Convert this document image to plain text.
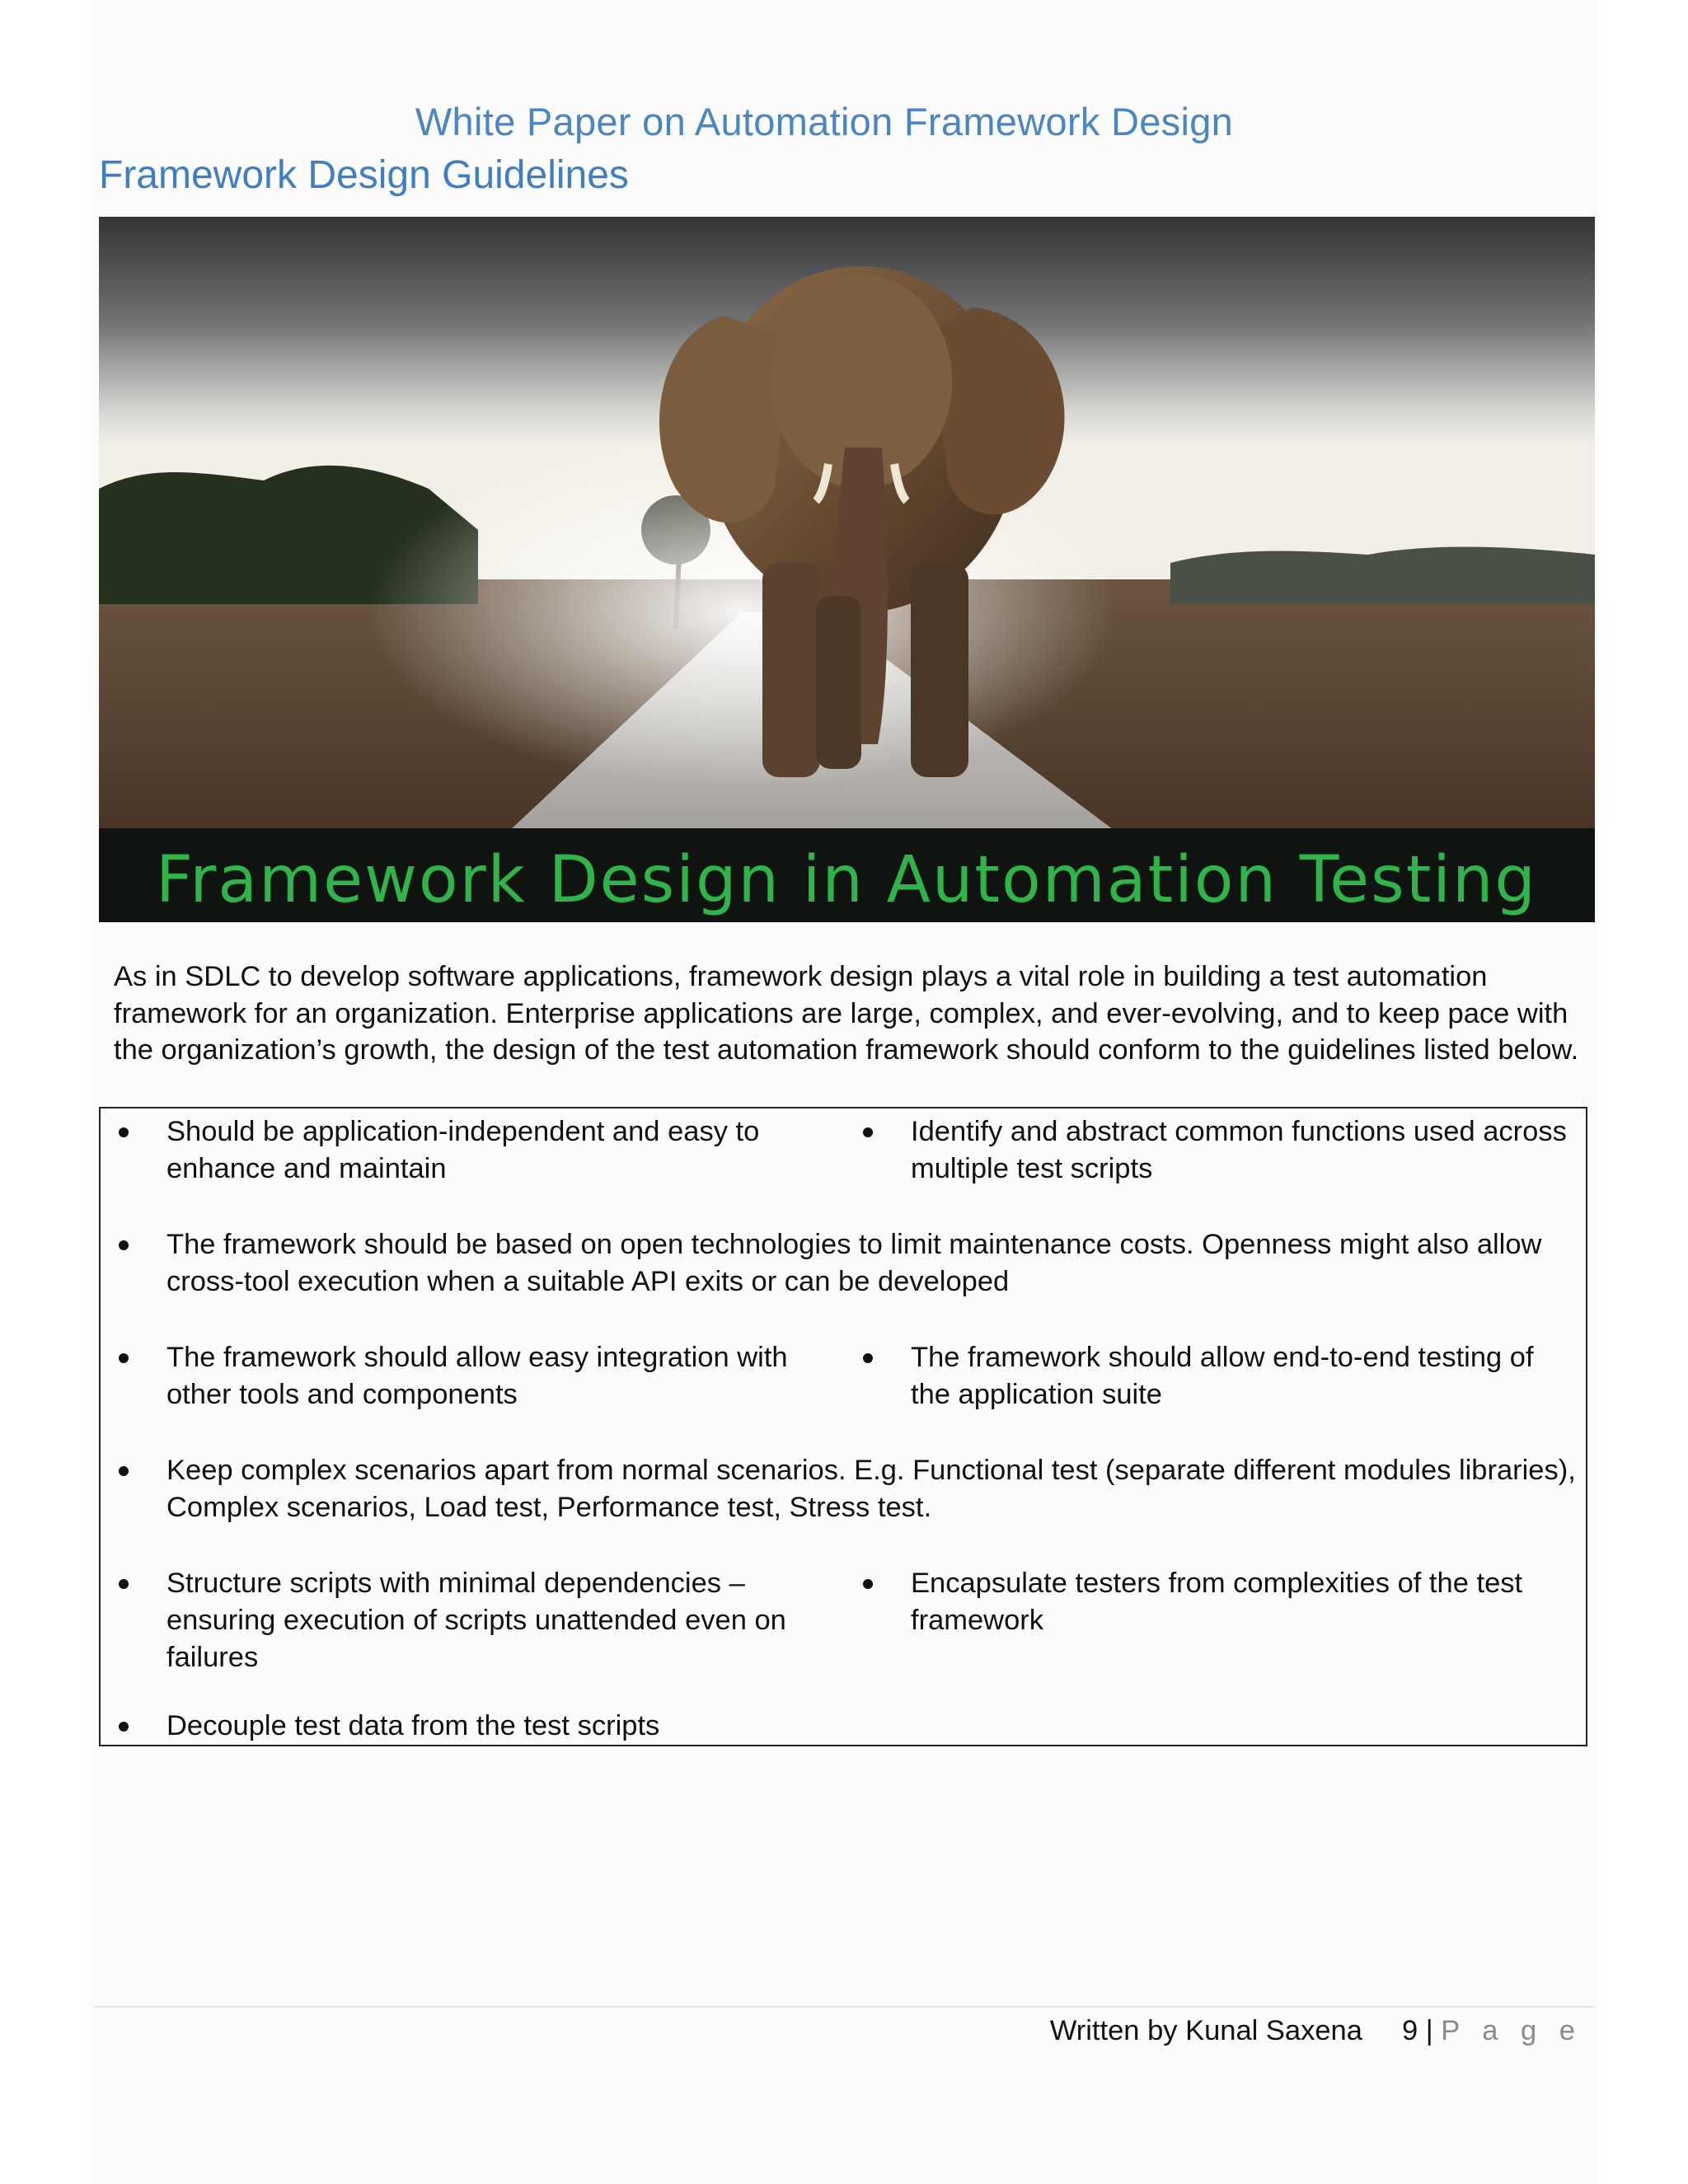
White Paper on Automation Framework Design
Framework Design Guidelines
Framework Design in Automation Testing
As in SDLC to develop software applications, framework design plays a vital role in building a test automation framework for an organization. Enterprise applications are large, complex, and ever-evolving, and to keep pace with the organization’s growth, the design of the test automation framework should conform to the guidelines listed below.
Should be application-independent and easy to enhance and maintain
Identify and abstract common functions used across multiple test scripts
The framework should be based on open technologies to limit maintenance costs. Openness might also allow cross-tool execution when a suitable API exits or can be developed
The framework should allow easy integration with other tools and components
The framework should allow end-to-end testing of the application suite
Keep complex scenarios apart from normal scenarios. E.g. Functional test (separate different modules libraries), Complex scenarios, Load test, Performance test, Stress test.
Structure scripts with minimal dependencies – ensuring execution of scripts unattended even on failures
Encapsulate testers from complexities of the test framework
Decouple test data from the test scripts
Written by Kunal Saxena 9 | P a g e
